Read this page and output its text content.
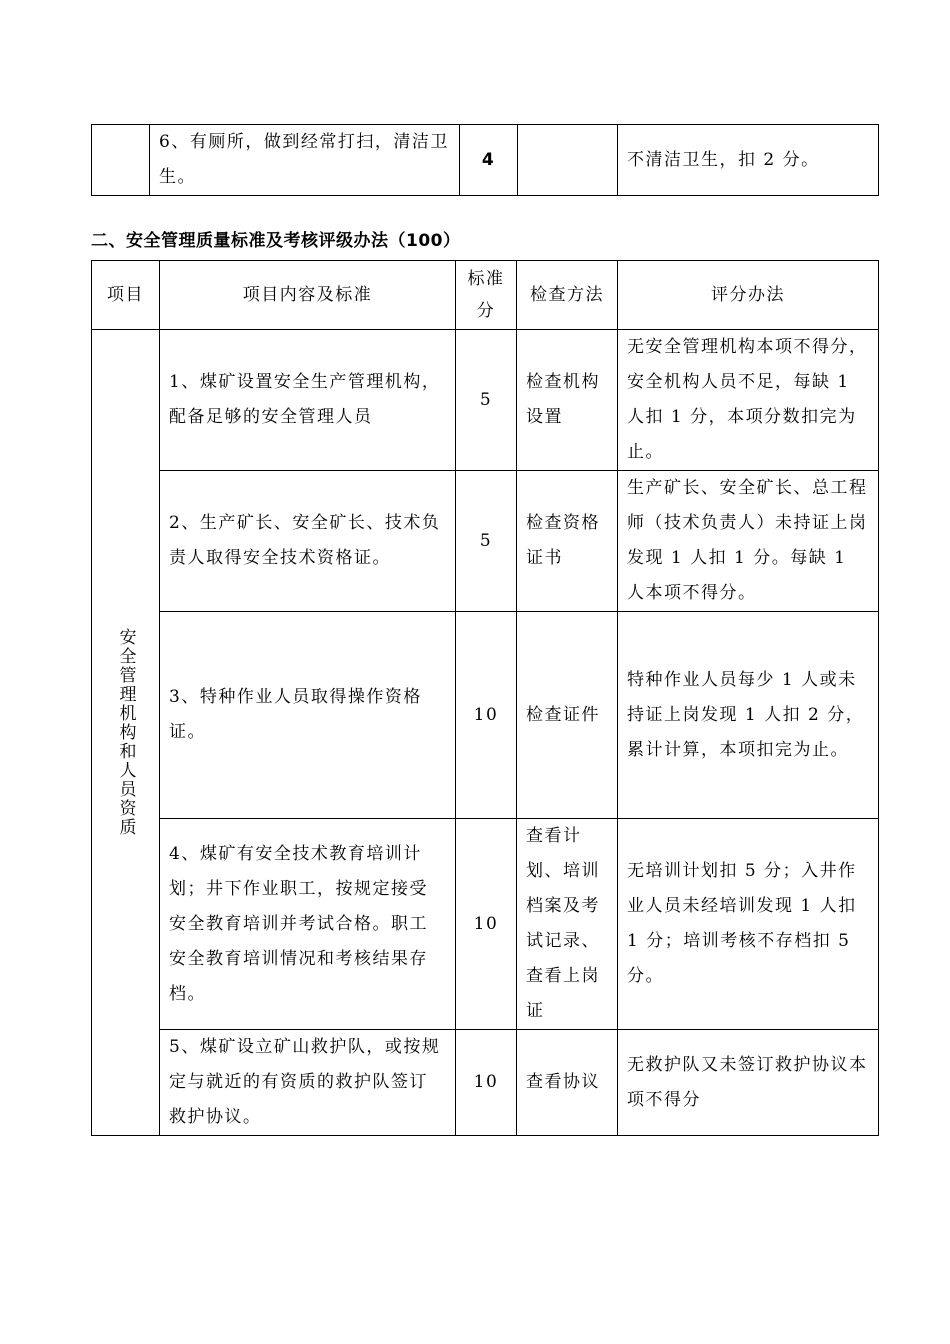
	6、有厕所，做到经常打扫，清洁卫生。	4		不清洁卫生，扣 2 分。
二、安全管理质量标准及考核评级办法（100）
项目	项目内容及标准	标准分	检查方法	评分办法

安全管理机构和人员资质	1、煤矿设置安全生产管理机构，配备足够的安全管理人员	5	检查机构设置	无安全管理机构本项不得分，安全机构人员不足，每缺 1 人扣 1 分，本项分数扣完为止。
	2、生产矿长、安全矿长、技术负责人取得安全技术资格证。	5	检查资格证书	生产矿长、安全矿长、总工程师（技术负责人）未持证上岗发现 1 人扣 1 分。每缺 1 人本项不得分。
	3、特种作业人员取得操作资格证。	10	检查证件	特种作业人员每少 1 人或未持证上岗发现 1 人扣 2 分，累计计算，本项扣完为止。
	4、煤矿有安全技术教育培训计划；井下作业职工，按规定接受安全教育培训并考试合格。职工安全教育培训情况和考核结果存档。	10	查看计划、培训档案及考试记录、查看上岗证	无培训计划扣 5 分；入井作业人员未经培训发现 1 人扣 1 分；培训考核不存档扣 5 分。
	5、煤矿设立矿山救护队，或按规定与就近的有资质的救护队签订救护协议。	10	查看协议	无救护队又未签订救护协议本项不得分
